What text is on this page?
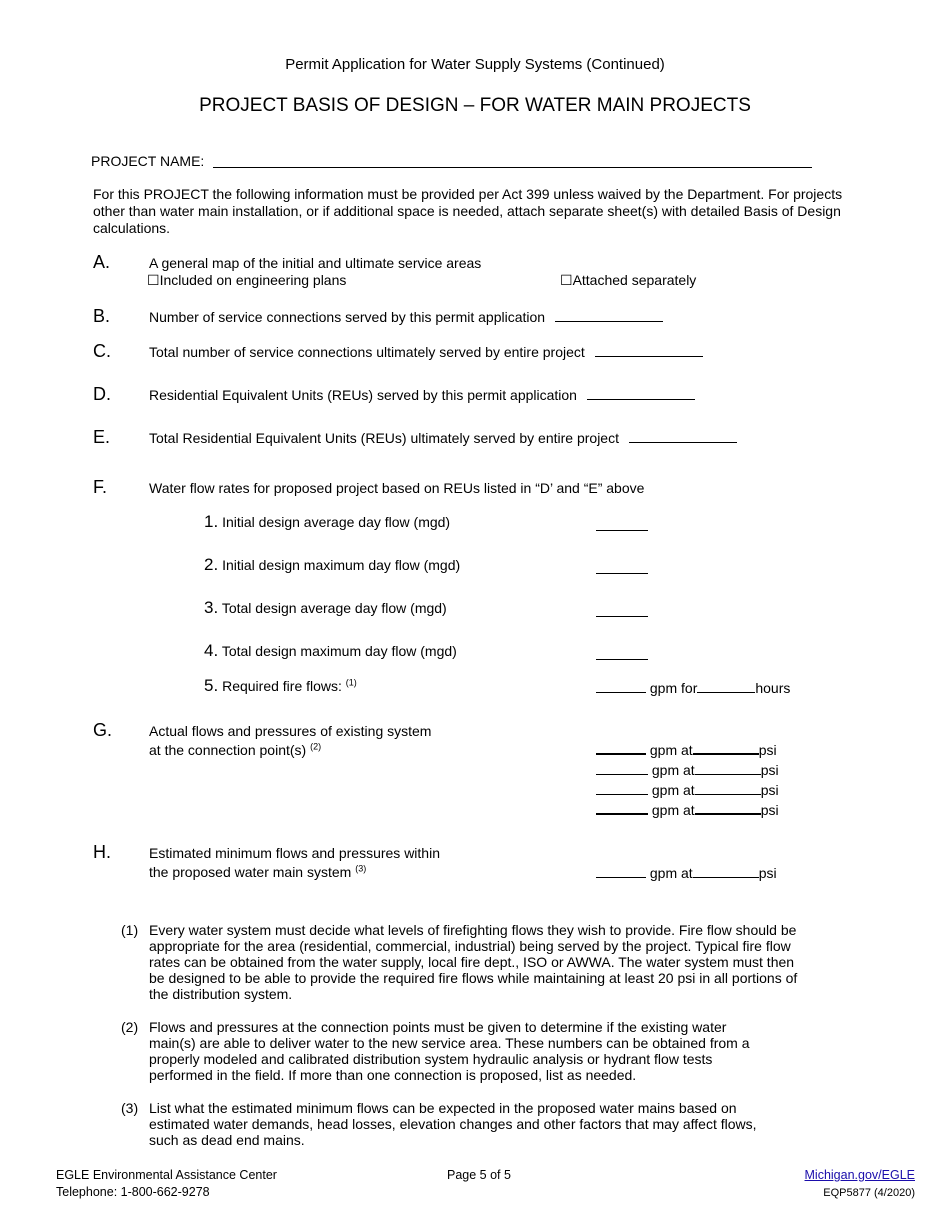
Permit Application for Water Supply Systems (Continued)
PROJECT BASIS OF DESIGN – FOR WATER MAIN PROJECTS
PROJECT NAME:
For this PROJECT the following information must be provided per Act 399 unless waived by the Department. For projects other than water main installation, or if additional space is needed, attach separate sheet(s) with detailed Basis of Design calculations.
A.	A general map of the initial and ultimate service areas
☐Included on engineering plans	☐Attached separately
B.	Number of service connections served by this permit application
C.	Total number of service connections ultimately served by entire project
D.	Residential Equivalent Units (REUs) served by this permit application
E.	Total Residential Equivalent Units (REUs) ultimately served by entire project
F.	Water flow rates for proposed project based on REUs listed in “D’ and “E” above
1. Initial design average day flow (mgd)
2. Initial design maximum day flow (mgd)
3. Total design average day flow (mgd)
4. Total design maximum day flow (mgd)
5. Required fire flows: $^{(1)}$	gpm for	hours
G.	Actual flows and pressures of existing system
at the connection point(s) $^{(2)}$	gpm at	psi
gpm at	psi
gpm at	psi
gpm at	psi
H.	Estimated minimum flows and pressures within
the proposed water main system $^{(3)}$	gpm at	psi
(1) Every water system must decide what levels of firefighting flows they wish to provide. Fire flow should be
appropriate for the area (residential, commercial, industrial) being served by the project. Typical fire flow
rates can be obtained from the water supply, local fire dept., ISO or AWWA. The water system must then
be designed to be able to provide the required fire flows while maintaining at least 20 psi in all portions of
the distribution system.
(2) Flows and pressures at the connection points must be given to determine if the existing water
main(s) are able to deliver water to the new service area. These numbers can be obtained from a
properly modeled and calibrated distribution system hydraulic analysis or hydrant flow tests
performed in the field. If more than one connection is proposed, list as needed.
(3) List what the estimated minimum flows can be expected in the proposed water mains based on
estimated water demands, head losses, elevation changes and other factors that may affect flows,
such as dead end mains.
EGLE Environmental Assistance Center
Telephone: 1-800-662-9278
Page 5 of 5	Michigan.gov/EGLE
EQP5877 (4/2020)
